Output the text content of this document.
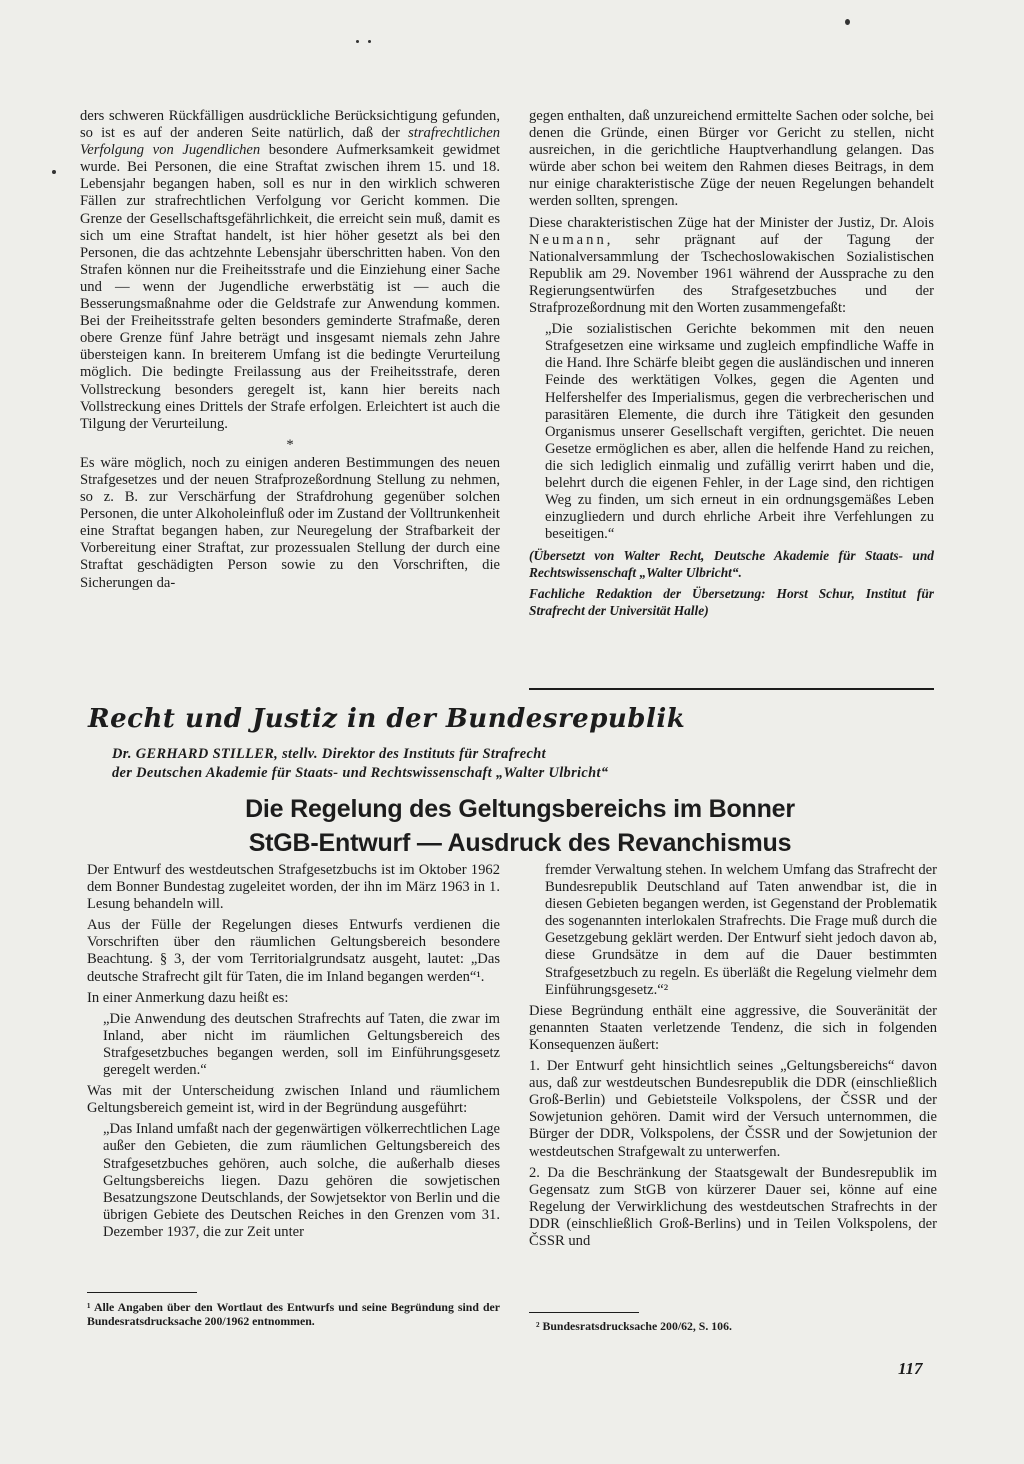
ders schweren Rückfälligen ausdrückliche Berücksichtigung gefunden, so ist es auf der anderen Seite natürlich, daß der strafrechtlichen Verfolgung von Jugendlichen besondere Aufmerksamkeit gewidmet wurde. Bei Personen, die eine Straftat zwischen ihrem 15. und 18. Lebensjahr begangen haben, soll es nur in den wirklich schweren Fällen zur strafrechtlichen Verfolgung vor Gericht kommen. Die Grenze der Gesellschaftsgefährlichkeit, die erreicht sein muß, damit es sich um eine Straftat handelt, ist hier höher gesetzt als bei den Personen, die das achtzehnte Lebensjahr überschritten haben. Von den Strafen können nur die Freiheitsstrafe und die Einziehung einer Sache und — wenn der Jugendliche erwerbstätig ist — auch die Besserungsmaßnahme oder die Geldstrafe zur Anwendung kommen. Bei der Freiheitsstrafe gelten besonders geminderte Strafmaße, deren obere Grenze fünf Jahre beträgt und insgesamt niemals zehn Jahre übersteigen kann. In breiterem Umfang ist die bedingte Verurteilung möglich. Die bedingte Freilassung aus der Freiheitsstrafe, deren Vollstreckung besonders geregelt ist, kann hier bereits nach Vollstreckung eines Drittels der Strafe erfolgen. Erleichtert ist auch die Tilgung der Verurteilung.

*

Es wäre möglich, noch zu einigen anderen Bestimmungen des neuen Strafgesetzes und der neuen Strafprozeßordnung Stellung zu nehmen, so z. B. zur Verschärfung der Strafdrohung gegenüber solchen Personen, die unter Alkoholeinfluß oder im Zustand der Volltrunkenheit eine Straftat begangen haben, zur Neuregelung der Strafbarkeit der Vorbereitung einer Straftat, zur prozessualen Stellung der durch eine Straftat geschädigten Person sowie zu den Vorschriften, die Sicherungen da-

gegen enthalten, daß unzureichend ermittelte Sachen oder solche, bei denen die Gründe, einen Bürger vor Gericht zu stellen, nicht ausreichen, in die gerichtliche Hauptverhandlung gelangen. Das würde aber schon bei weitem den Rahmen dieses Beitrags, in dem nur einige charakteristische Züge der neuen Regelungen behandelt werden sollten, sprengen.

Diese charakteristischen Züge hat der Minister der Justiz, Dr. Alois Neumann, sehr prägnant auf der Tagung der Nationalversammlung der Tschechoslowakischen Sozialistischen Republik am 29. November 1961 während der Aussprache zu den Regierungsentwürfen des Strafgesetzbuches und der Strafprozeßordnung mit den Worten zusammengefaßt:

„Die sozialistischen Gerichte bekommen mit den neuen Strafgesetzen eine wirksame und zugleich empfindliche Waffe in die Hand. Ihre Schärfe bleibt gegen die ausländischen und inneren Feinde des werktätigen Volkes, gegen die Agenten und Helfershelfer des Imperialismus, gegen die verbrecherischen und parasitären Elemente, die durch ihre Tätigkeit den gesunden Organismus unserer Gesellschaft vergiften, gerichtet. Die neuen Gesetze ermöglichen es aber, allen die helfende Hand zu reichen, die sich lediglich einmalig und zufällig verirrt haben und die, belehrt durch die eigenen Fehler, in der Lage sind, den richtigen Weg zu finden, um sich erneut in ein ordnungsgemäßes Leben einzugliedern und durch ehrliche Arbeit ihre Verfehlungen zu beseitigen.“

(Übersetzt von Walter Recht, Deutsche Akademie für Staats- und Rechtswissenschaft „Walter Ulbricht“.

Fachliche Redaktion der Übersetzung: Horst Schur, Institut für Strafrecht der Universität Halle)

Recht und Justiz in der Bundesrepublik
Dr. GERHARD STILLER, stellv. Direktor des Instituts für Strafrecht
der Deutschen Akademie für Staats- und Rechtswissenschaft „Walter Ulbricht“
Die Regelung des Geltungsbereichs im Bonner
StGB-Entwurf — Ausdruck des Revanchismus

Der Entwurf des westdeutschen Strafgesetzbuchs ist im Oktober 1962 dem Bonner Bundestag zugeleitet worden, der ihn im März 1963 in 1. Lesung behandeln will.

Aus der Fülle der Regelungen dieses Entwurfs verdienen die Vorschriften über den räumlichen Geltungsbereich besondere Beachtung. § 3, der vom Territorialgrundsatz ausgeht, lautet: „Das deutsche Strafrecht gilt für Taten, die im Inland begangen werden“¹.

In einer Anmerkung dazu heißt es:

„Die Anwendung des deutschen Strafrechts auf Taten, die zwar im Inland, aber nicht im räumlichen Geltungsbereich des Strafgesetzbuches begangen werden, soll im Einführungsgesetz geregelt werden.“

Was mit der Unterscheidung zwischen Inland und räumlichem Geltungsbereich gemeint ist, wird in der Begründung ausgeführt:

„Das Inland umfaßt nach der gegenwärtigen völkerrechtlichen Lage außer den Gebieten, die zum räumlichen Geltungsbereich des Strafgesetzbuches gehören, auch solche, die außerhalb dieses Geltungsbereichs liegen. Dazu gehören die sowjetischen Besatzungszone Deutschlands, der Sowjetsektor von Berlin und die übrigen Gebiete des Deutschen Reiches in den Grenzen vom 31. Dezember 1937, die zur Zeit unter

fremder Verwaltung stehen. In welchem Umfang das Strafrecht der Bundesrepublik Deutschland auf Taten anwendbar ist, die in diesen Gebieten begangen werden, ist Gegenstand der Problematik des sogenannten interlokalen Strafrechts. Die Frage muß durch die Gesetzgebung geklärt werden. Der Entwurf sieht jedoch davon ab, diese Grundsätze in dem auf die Dauer bestimmten Strafgesetzbuch zu regeln. Es überläßt die Regelung vielmehr dem Einführungsgesetz.“²

Diese Begründung enthält eine aggressive, die Souveränität der genannten Staaten verletzende Tendenz, die sich in folgenden Konsequenzen äußert:

1. Der Entwurf geht hinsichtlich seines „Geltungsbereichs“ davon aus, daß zur westdeutschen Bundesrepublik die DDR (einschließlich Groß-Berlin) und Gebietsteile Volkspolens, der ČSSR und der Sowjetunion gehören. Damit wird der Versuch unternommen, die Bürger der DDR, Volkspolens, der ČSSR und der Sowjetunion der westdeutschen Strafgewalt zu unterwerfen.

2. Da die Beschränkung der Staatsgewalt der Bundesrepublik im Gegensatz zum StGB von kürzerer Dauer sei, könne auf eine Regelung der Verwirklichung des westdeutschen Strafrechts in der DDR (einschließlich Groß-Berlins) und in Teilen Volkspolens, der ČSSR und

¹ Alle Angaben über den Wortlaut des Entwurfs und seine Begründung sind der Bundesratsdrucksache 200/1962 entnommen.	² Bundesratsdrucksache 200/62, S. 106.
117
